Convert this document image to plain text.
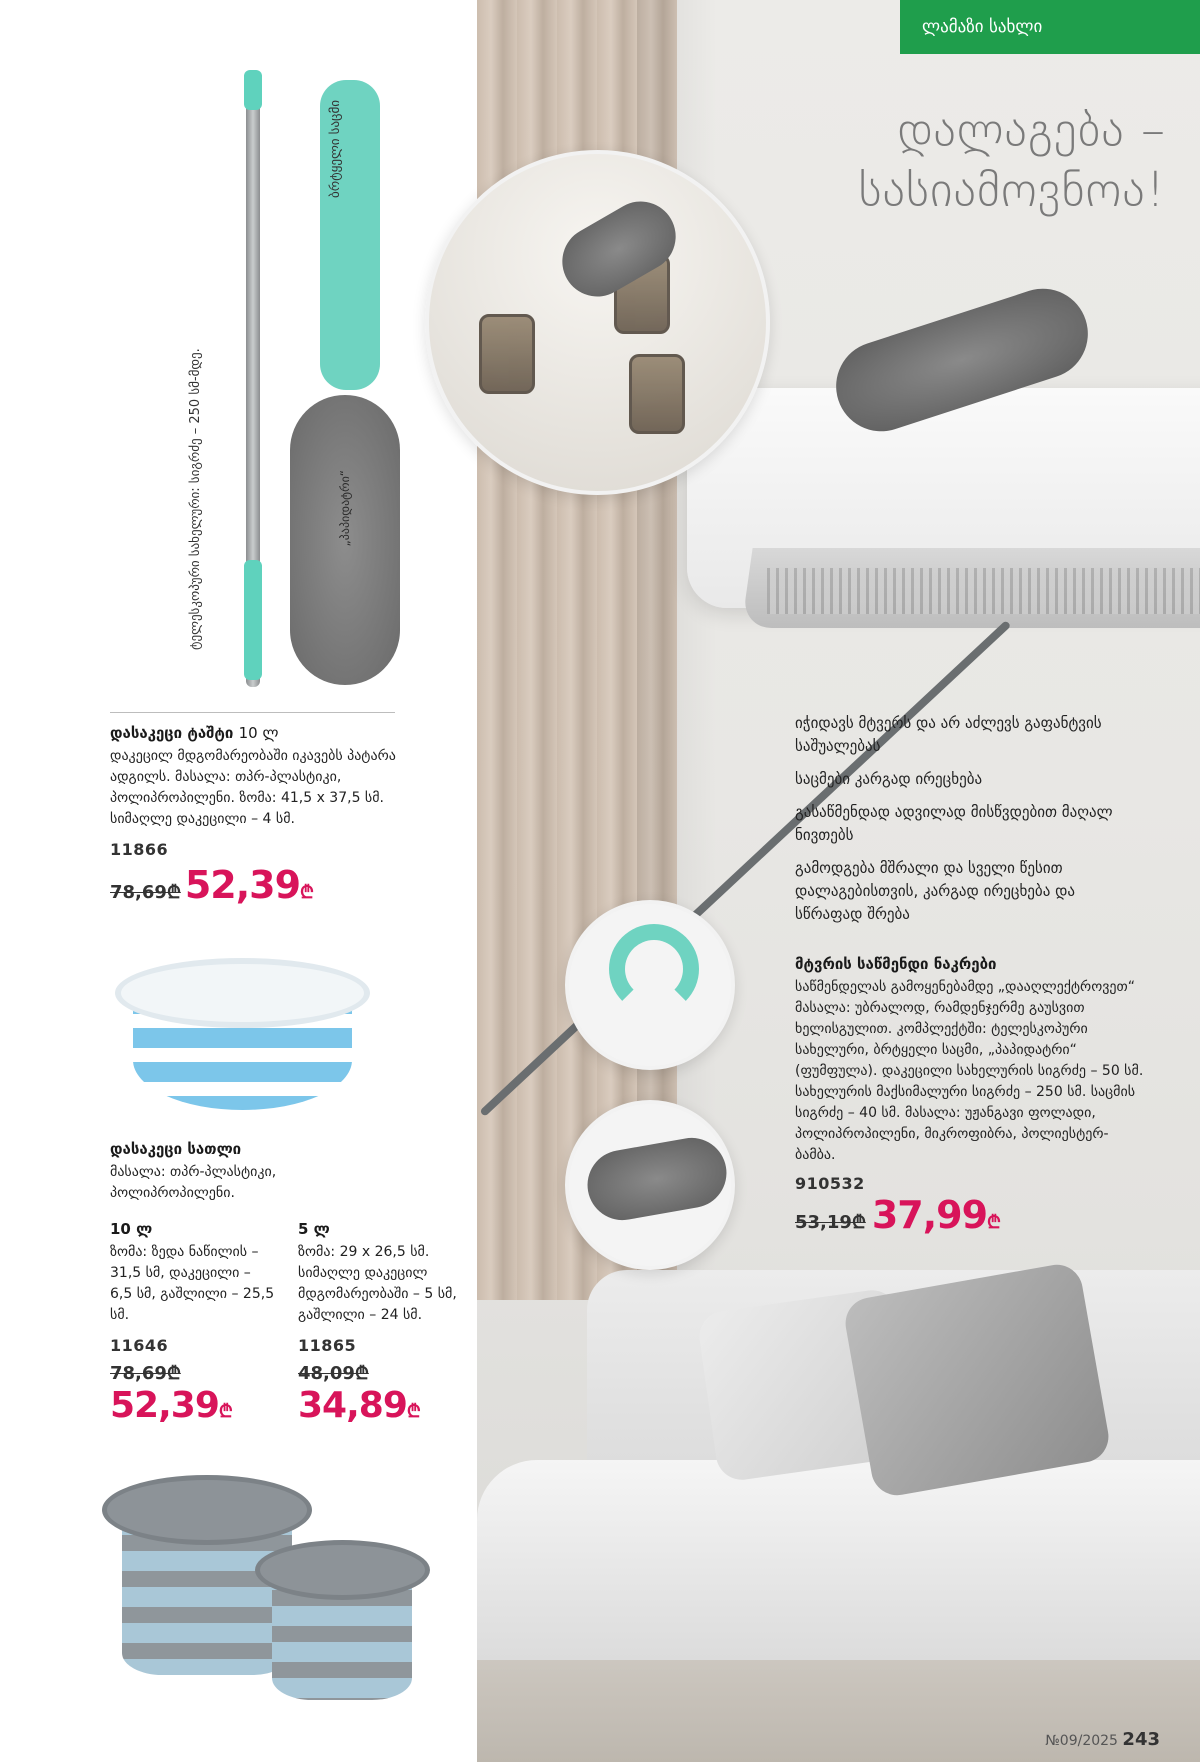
ტელესკოპური სახელური: სიგრძე – 250 სმ-მდე.
ბრტყელი საცმი
„პაპიდატრი“
დასაკეცი ტაშტი 10 ლ
დაკეცილ მდგომარეობაში იკავებს პატარა ადგილს. მასალა: თპრ-პლასტიკი, პოლიპროპილენი. ზომა: 41,5 x 37,5 სმ. სიმაღლე დაკეცილი – 4 სმ.
11866
78,69₾ 52,39₾
დასაკეცი სათლი
მასალა: თპრ-პლასტიკი, პოლიპროპილენი.
10 ლ
ზომა: ზედა ნაწილის – 31,5 სმ, დაკეცილი – 6,5 სმ, გაშლილი – 25,5 სმ.
11646
78,69₾
52,39₾
5 ლ
ზომა: 29 x 26,5 სმ. სიმაღლე დაკეცილ მდგომარეობაში – 5 სმ, გაშლილი – 24 სმ.
11865
48,09₾
34,89₾
ლამაზი სახლი
დალაგება –
სასიამოვნოა!
იჭიდავს მტვერს და არ აძლევს გაფანტვის საშუალებას
საცმები კარგად ირეცხება
გასაწმენდად ადვილად მისწვდებით მაღალ ნივთებს
გამოდგება მშრალი და სველი წესით დალაგებისთვის, კარგად ირეცხება და სწრაფად შრება
მტვრის საწმენდი ნაკრები
საწმენდელას გამოყენებამდე „დააღლექტროვეთ“ მასალა: უბრალოდ, რამდენჯერმე გაუსვით ხელისგულით. კომპლექტში: ტელესკოპური სახელური, ბრტყელი საცმი, „პაპიდატრი“ (ფუმფულა). დაკეცილი სახელურის სიგრძე – 50 სმ. სახელურის მაქსიმალური სიგრძე – 250 სმ. საცმის სიგრძე – 40 სმ. მასალა: უჟანგავი ფოლადი, პოლიპროპილენი, მიკროფიბრა, პოლიესტერ-ბამბა.
910532
53,19₾ 37,99₾
№09/2025 243
